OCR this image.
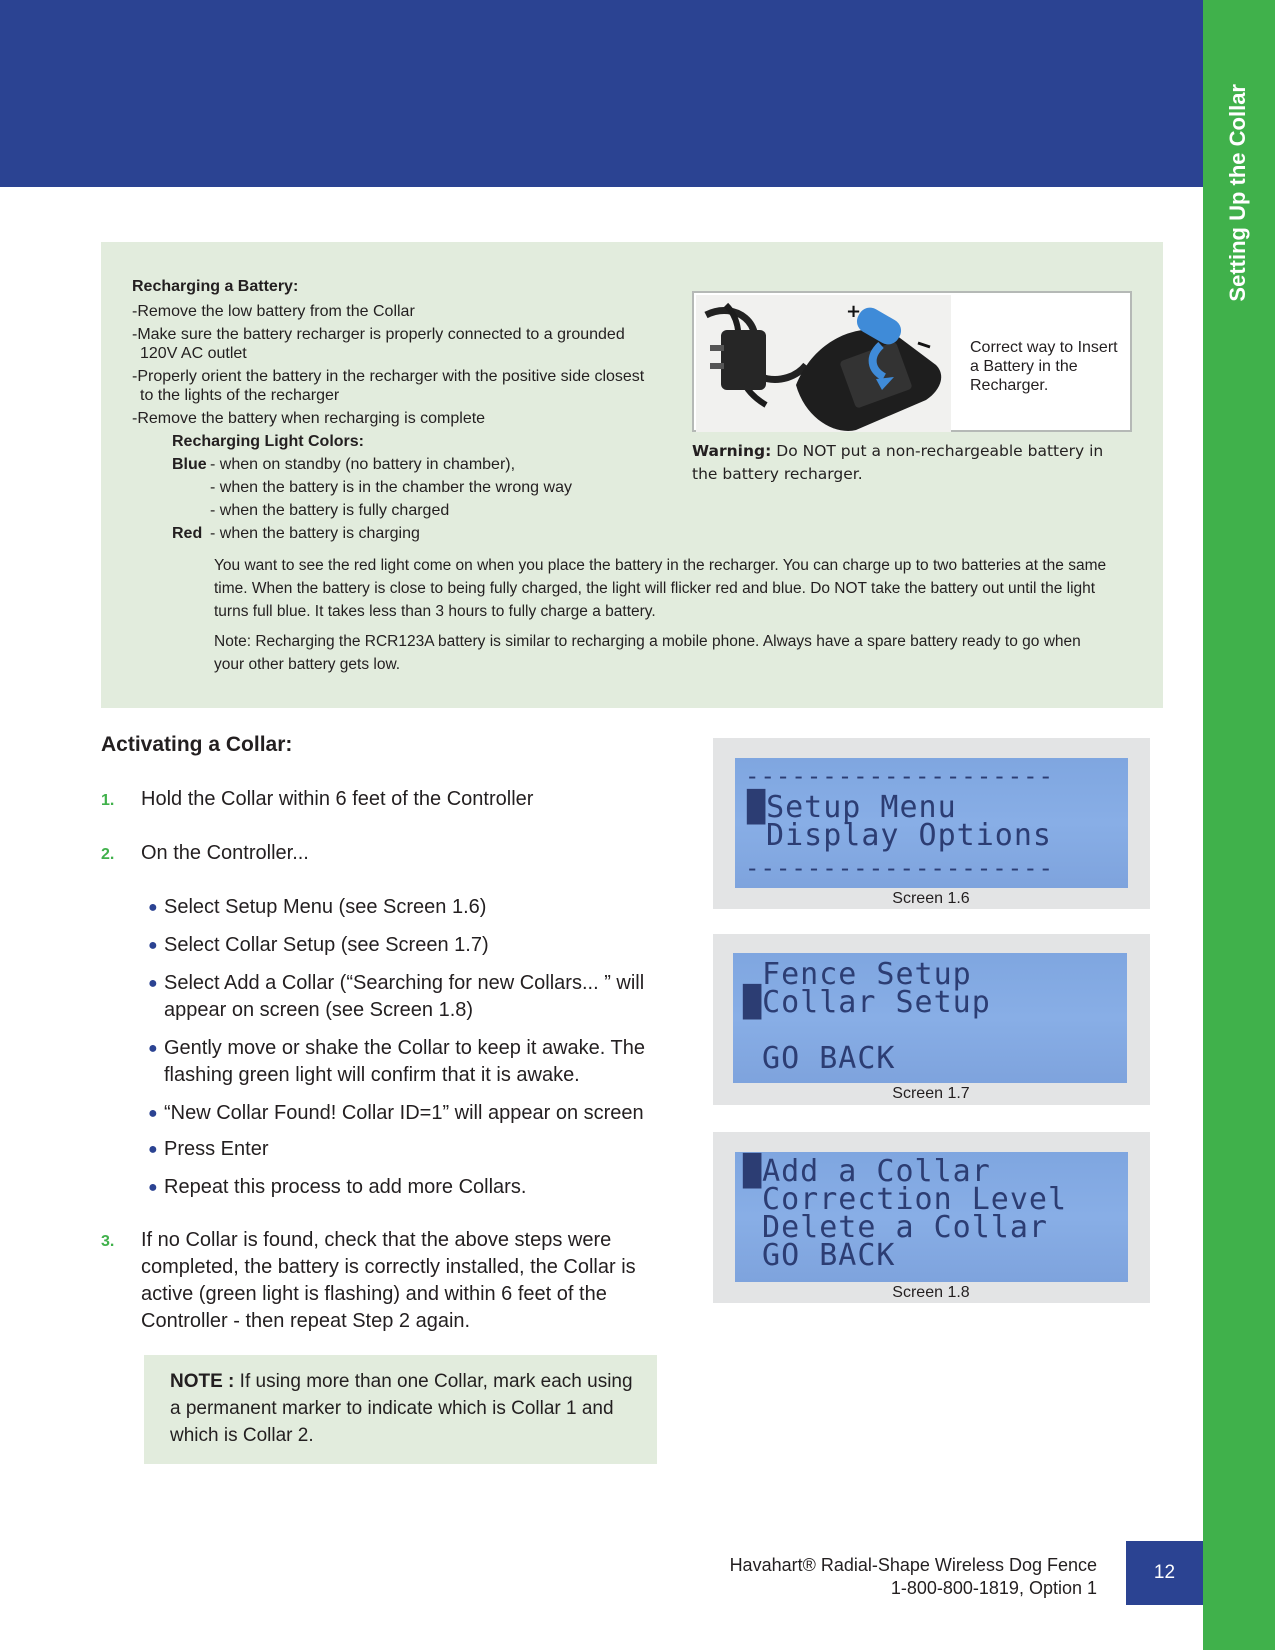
Setting Up the Collar
Recharging a Battery:
-Remove the low battery from the Collar
-Make sure the battery recharger is properly connected to a grounded
120V AC outlet
-Properly orient the battery in the recharger with the positive side closest
to the lights of the recharger
-Remove the battery when recharging is complete
Recharging Light Colors:
Blue - when on standby (no battery in chamber),
- when the battery is in the chamber the wrong way
- when the battery is fully charged
Red - when the battery is charging
You want to see the red light come on when you place the battery in the recharger. You can charge up to two batteries at the same time. When the battery is close to being fully charged, the light will flicker red and blue. Do NOT take the battery out until the light turns full blue. It takes less than 3 hours to fully charge a battery.
Note: Recharging the RCR123A battery is similar to recharging a mobile phone. Always have a spare battery ready to go when your other battery gets low.
+
Correct way to Insert a Battery in the Recharger.
Warning: Do NOT put a non-rechargeable battery in the battery recharger.
Activating a Collar:
1. Hold the Collar within 6 feet of the Controller
2. On the Controller...
● Select Setup Menu (see Screen 1.6)
● Select Collar Setup (see Screen 1.7)
● Select Add a Collar (“Searching for new Collars... ” will appear on screen (see Screen 1.8)
● Gently move or shake the Collar to keep it awake. The flashing green light will confirm that it is awake.
● “New Collar Found! Collar ID=1” will appear on screen
● Press Enter
● Repeat this process to add more Collars.
3. If no Collar is found, check that the above steps were completed, the battery is correctly installed, the Collar is active (green light is flashing) and within 6 feet of the Controller - then repeat Step 2 again.
NOTE : If using more than one Collar, mark each using a permanent marker to indicate which is Collar 1 and which is Collar 2.
--------------------
█Setup Menu
Display Options
--------------------
Screen 1.6
Fence Setup
█Collar Setup
GO BACK
Screen 1.7
█Add a Collar
Correction Level
Delete a Collar
GO BACK
Screen 1.8
Havahart® Radial-Shape Wireless Dog Fence
1-800-800-1819, Option 1
12
